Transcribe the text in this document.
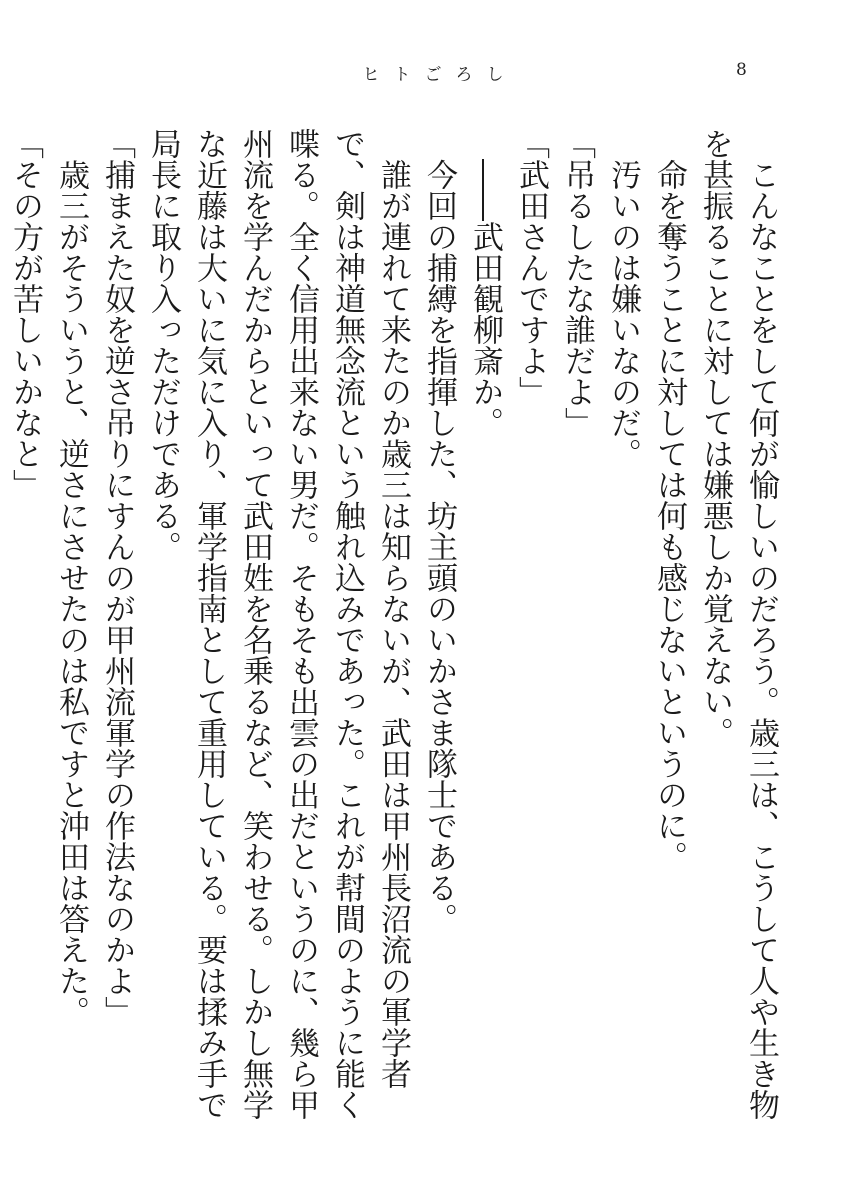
ヒトごろし	8

こんなことをして何が愉しいのだろう。歳三は、こうして人や生き物を甚振ることに対しては嫌悪しか覚えない。

命を奪うことに対しては何も感じないというのに。

汚いのは嫌いなのだ。

「吊るしたな誰だよ」

「武田さんですよ」

――武田観柳斎か。

今回の捕縛を指揮した、坊主頭のいかさま隊士である。

誰が連れて来たのか歳三は知らないが、武田は甲州長沼流の軍学者で、剣は神道無念流という触れ込みであった。これが幇間のように能く喋る。全く信用出来ない男だ。そもそも出雲の出だというのに、幾ら甲州流を学んだからといって武田姓を名乗るなど、笑わせる。しかし無学な近藤は大いに気に入り、軍学指南として重用している。要は揉み手で局長に取り入っただけである。

「捕まえた奴を逆さ吊りにすんのが甲州流軍学の作法なのかよ」

歳三がそういうと、逆さにさせたのは私ですと沖田は答えた。

「その方が苦しいかなと」
